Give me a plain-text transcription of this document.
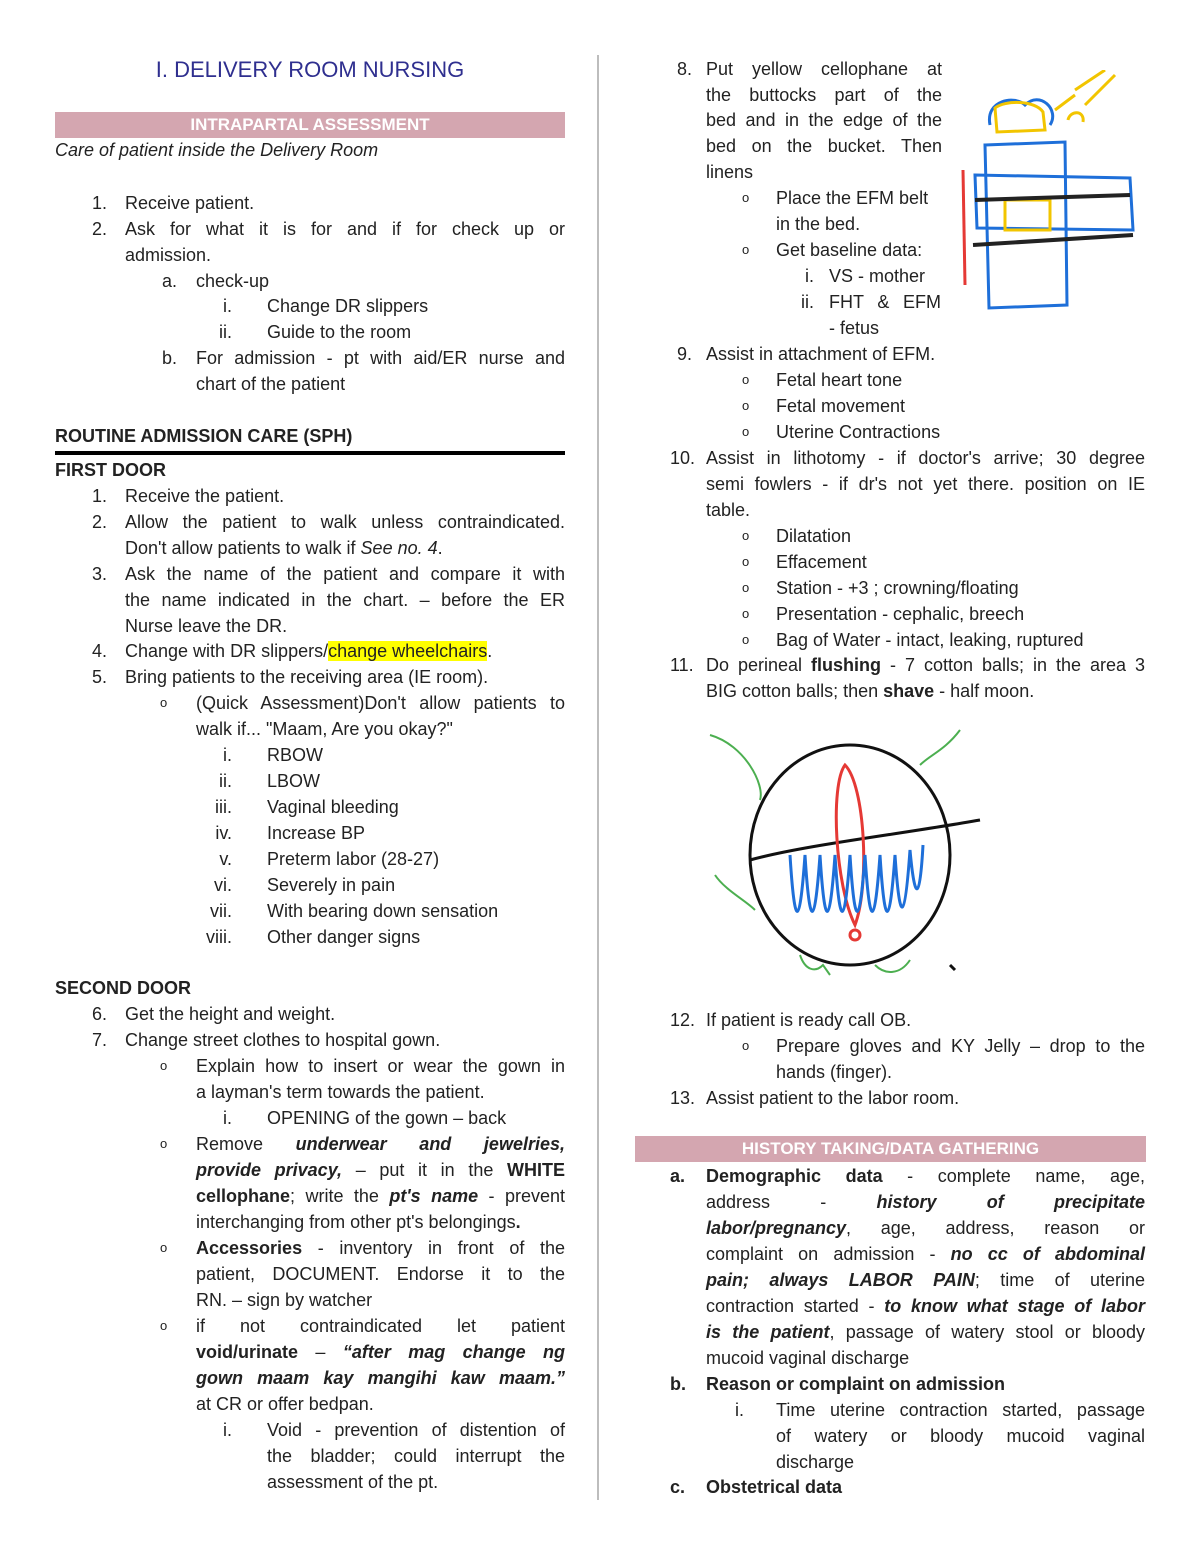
I. DELIVERY ROOM NURSING
INTRAPARTAL ASSESSMENT
Care of patient inside the Delivery Room
1. Receive patient.
2. Ask for what it is for and if for check up or
admission.
a. check-up
i. Change DR slippers
ii. Guide to the room
b. For admission - pt with aid/ER nurse and
chart of the patient
ROUTINE ADMISSION CARE (SPH)
FIRST DOOR
1. Receive the patient.
2. Allow the patient to walk unless contraindicated.
Don't allow patients to walk if See no. 4.
3. Ask the name of the patient and compare it with
the name indicated in the chart. – before the ER
Nurse leave the DR.
4. Change with DR slippers/change wheelchairs.
5. Bring patients to the receiving area (IE room).
o (Quick Assessment)Don't allow patients to
walk if... "Maam, Are you okay?"
i. RBOW
ii. LBOW
iii. Vaginal bleeding
iv. Increase BP
v. Preterm labor (28-27)
vi. Severely in pain
vii. With bearing down sensation
viii. Other danger signs
SECOND DOOR
6. Get the height and weight.
7. Change street clothes to hospital gown.
o Explain how to insert or wear the gown in
a layman's term towards the patient.
i. OPENING of the gown – back
o Remove underwear and jewelries,
provide privacy, – put it in the WHITE
cellophane; write the pt's name - prevent
interchanging from other pt's belongings.
o Accessories - inventory in front of the
patient, DOCUMENT. Endorse it to the
RN. – sign by watcher
o if not contraindicated let patient
void/urinate – “after mag change ng
gown maam kay mangihi kaw maam.”
at CR or offer bedpan.
i. Void - prevention of distention of
the bladder; could interrupt the
assessment of the pt.
8. Put yellow cellophane at
the buttocks part of the
bed and in the edge of the
bed on the bucket. Then
linens
o Place the EFM belt
in the bed.
o Get baseline data:
i. VS - mother
ii. FHT & EFM
- fetus
9. Assist in attachment of EFM.
o Fetal heart tone
o Fetal movement
o Uterine Contractions
10. Assist in lithotomy - if doctor's arrive; 30 degree
semi fowlers - if dr's not yet there. position on IE
table.
o Dilatation
o Effacement
o Station - +3 ; crowning/floating
o Presentation - cephalic, breech
o Bag of Water - intact, leaking, ruptured
11. Do perineal flushing - 7 cotton balls; in the area 3
BIG cotton balls; then shave - half moon.
12. If patient is ready call OB.
o Prepare gloves and KY Jelly – drop to the
hands (finger).
13. Assist patient to the labor room.
HISTORY TAKING/DATA GATHERING
a. Demographic data - complete name, age,
address - history of precipitate
labor/pregnancy, age, address, reason or
complaint on admission - no cc of abdominal
pain; always LABOR PAIN; time of uterine
contraction started - to know what stage of labor
is the patient, passage of watery stool or bloody
mucoid vaginal discharge
b. Reason or complaint on admission
i. Time uterine contraction started, passage
of watery or bloody mucoid vaginal
discharge
c. Obstetrical data
